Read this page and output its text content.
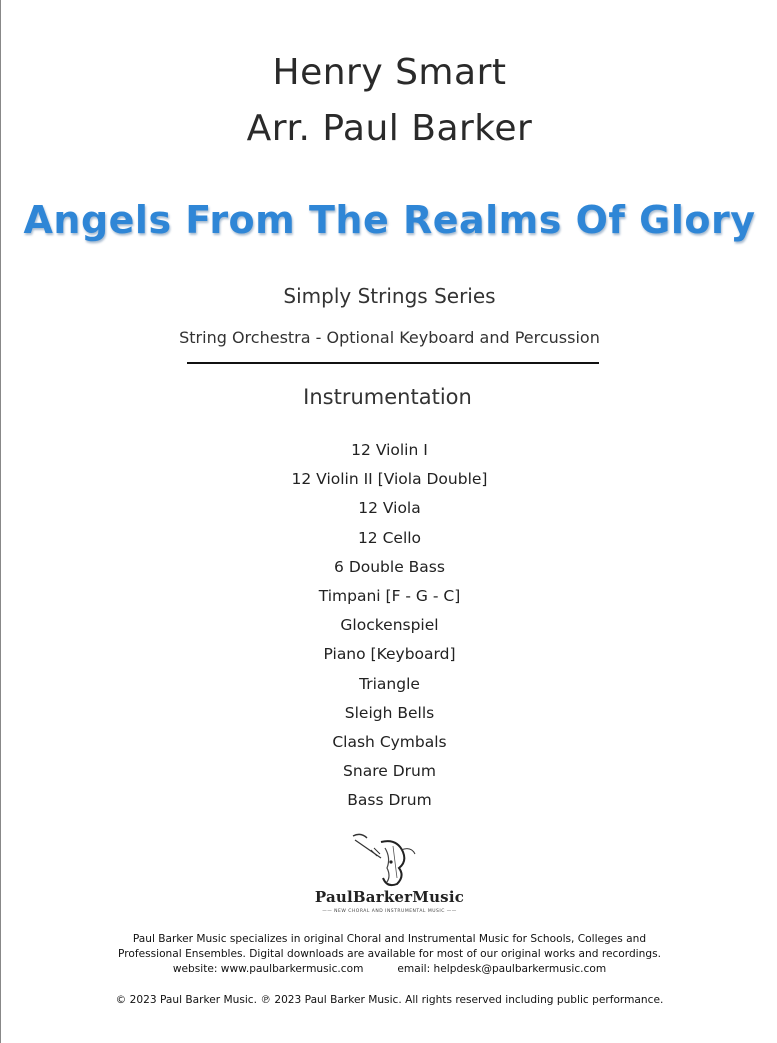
Henry Smart
Arr. Paul Barker
Angels From The Realms Of Glory
Simply Strings Series
String Orchestra - Optional Keyboard and Percussion
Instrumentation
12 Violin I
12 Violin II [Viola Double]
12 Viola
12 Cello
6 Double Bass
Timpani [F - G - C]
Glockenspiel
Piano [Keyboard]
Triangle
Sleigh Bells
Clash Cymbals
Snare Drum
Bass Drum
PaulBarkerMusic
—— NEW CHORAL AND INSTRUMENTAL MUSIC ——
Paul Barker Music specializes in original Choral and Instrumental Music for Schools, Colleges and
Professional Ensembles. Digital downloads are available for most of our original works and recordings.
website: www.paulbarkermusic.com	email: helpdesk@paulbarkermusic.com
© 2023 Paul Barker Music. ℗ 2023 Paul Barker Music. All rights reserved including public performance.
